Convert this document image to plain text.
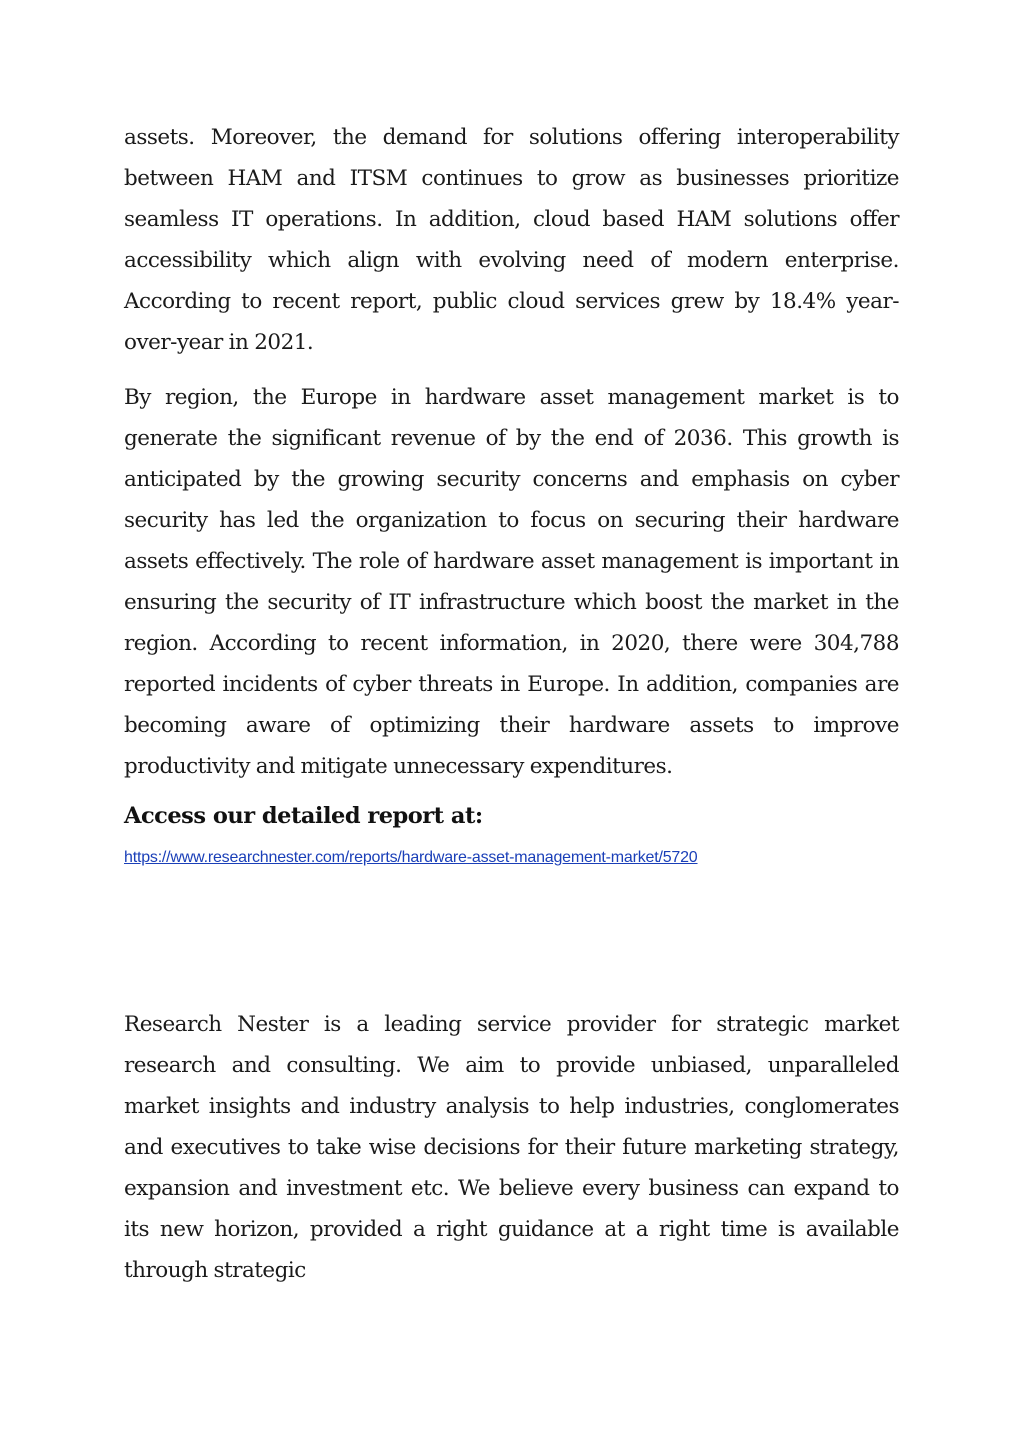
assets. Moreover, the demand for solutions offering interoperability between HAM and ITSM continues to grow as businesses prioritize seamless IT operations. In addition, cloud based HAM solutions offer accessibility which align with evolving need of modern enterprise. According to recent report, public cloud services grew by 18.4% year-over-year in 2021.

By region, the Europe in hardware asset management market is to generate the significant revenue of by the end of 2036. This growth is anticipated by the growing security concerns and emphasis on cyber security has led the organization to focus on securing their hardware assets effectively. The role of hardware asset management is important in ensuring the security of IT infrastructure which boost the market in the region. According to recent information, in 2020, there were 304,788 reported incidents of cyber threats in Europe. In addition, companies are becoming aware of optimizing their hardware assets to improve productivity and mitigate unnecessary expenditures.

Access our detailed report at:
https://www.researchnester.com/reports/hardware-asset-management-market/5720

Research Nester is a leading service provider for strategic market research and consulting. We aim to provide unbiased, unparalleled market insights and industry analysis to help industries, conglomerates and executives to take wise decisions for their future marketing strategy, expansion and investment etc. We believe every business can expand to its new horizon, provided a right guidance at a right time is available through strategic
